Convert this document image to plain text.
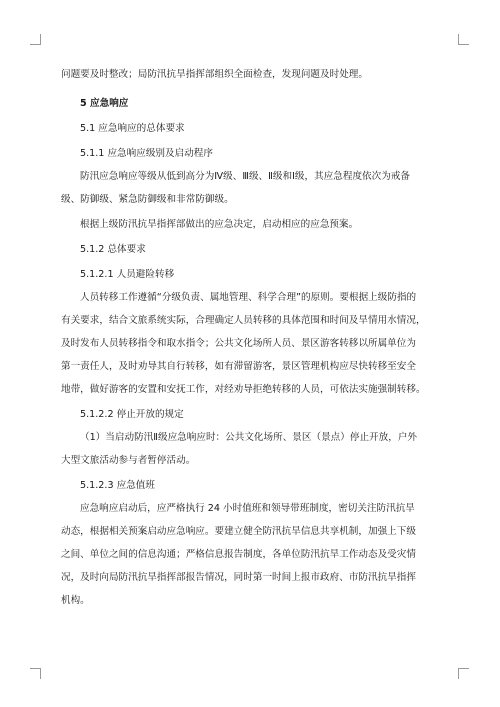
问题要及时整改；局防汛抗旱指挥部组织全面检查，发现问题及时处理。

5 应急响应

5.1 应急响应的总体要求

5.1.1 应急响应级别及启动程序

防汛应急响应等级从低到高分为Ⅳ级、Ⅲ级、Ⅱ级和Ⅰ级，其应急程度依次为戒备

级、防御级、紧急防御级和非常防御级。

根据上级防汛抗旱指挥部做出的应急决定，启动相应的应急预案。

5.1.2 总体要求

5.1.2.1 人员避险转移

人员转移工作遵循“分级负责、属地管理、科学合理”的原则。要根据上级防指的

有关要求，结合文旅系统实际，合理确定人员转移的具体范围和时间及旱情用水情况，

及时发布人员转移指令和取水指令；公共文化场所人员、景区游客转移以所属单位为

第一责任人，及时劝导其自行转移，如有滞留游客，景区管理机构应尽快转移至安全

地带，做好游客的安置和安抚工作，对经劝导拒绝转移的人员，可依法实施强制转移。

5.1.2.2 停止开放的规定

（1）当启动防汛Ⅱ级应急响应时：公共文化场所、景区（景点）停止开放，户外

大型文旅活动参与者暂停活动。

5.1.2.3 应急值班

应急响应启动后，应严格执行 24 小时值班和领导带班制度，密切关注防汛抗旱

动态，根据相关预案启动应急响应。要建立健全防汛抗旱信息共享机制，加强上下级

之间、单位之间的信息沟通；严格信息报告制度，各单位防汛抗旱工作动态及受灾情

况，及时向局防汛抗旱指挥部报告情况，同时第一时间上报市政府、市防汛抗旱指挥

机构。
